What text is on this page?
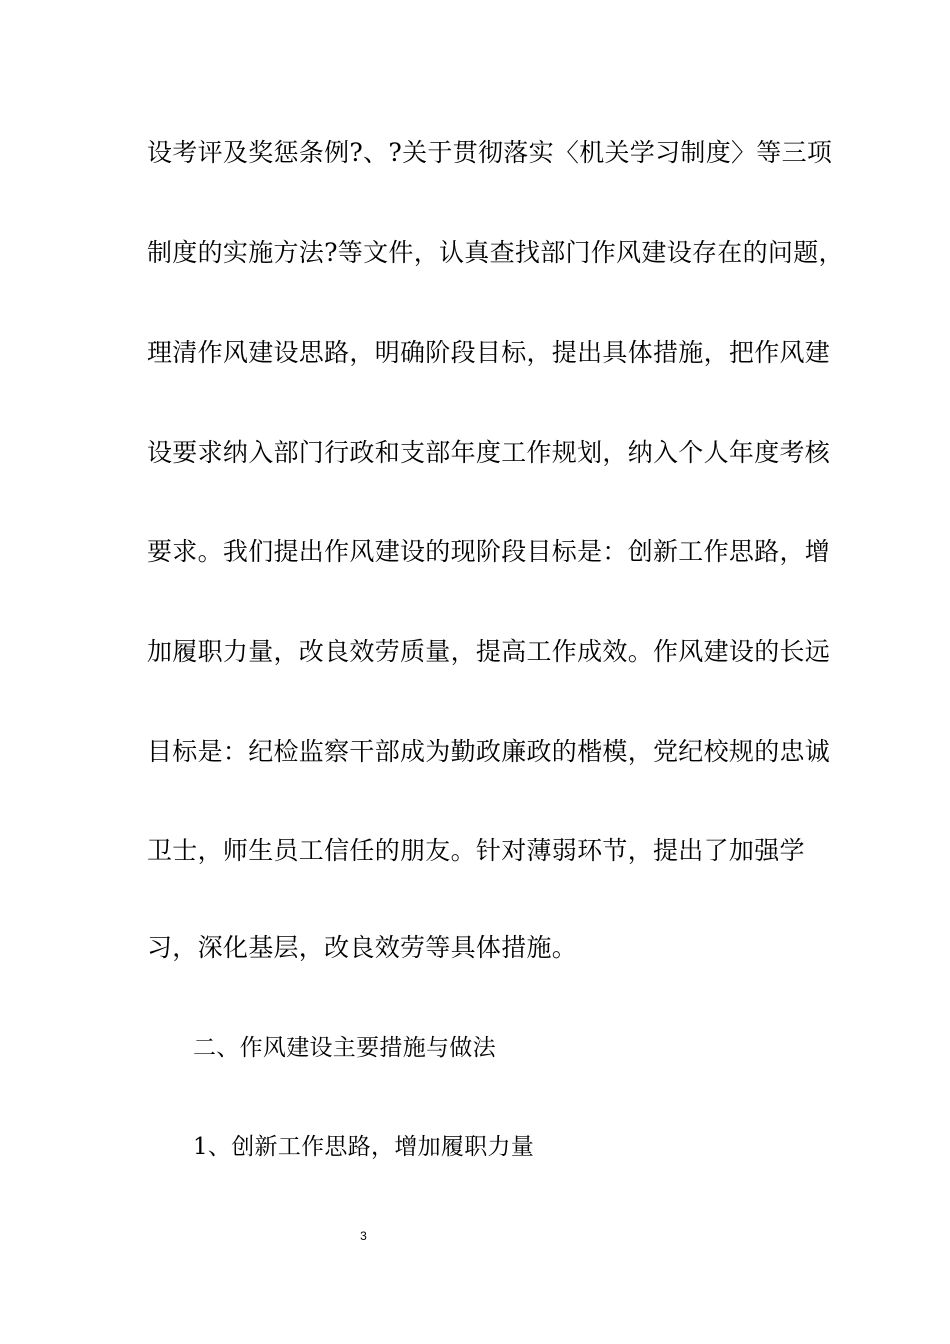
设考评及奖惩条例?、?关于贯彻落实〈机关学习制度〉等三项
制度的实施方法?等文件，认真查找部门作风建设存在的问题，
理清作风建设思路，明确阶段目标，提出具体措施，把作风建
设要求纳入部门行政和支部年度工作规划，纳入个人年度考核
要求。我们提出作风建设的现阶段目标是：创新工作思路，增
加履职力量，改良效劳质量，提高工作成效。作风建设的长远
目标是：纪检监察干部成为勤政廉政的楷模，党纪校规的忠诚
卫士，师生员工信任的朋友。针对薄弱环节，提出了加强学
习，深化基层，改良效劳等具体措施。
二、作风建设主要措施与做法
1、创新工作思路，增加履职力量
3
